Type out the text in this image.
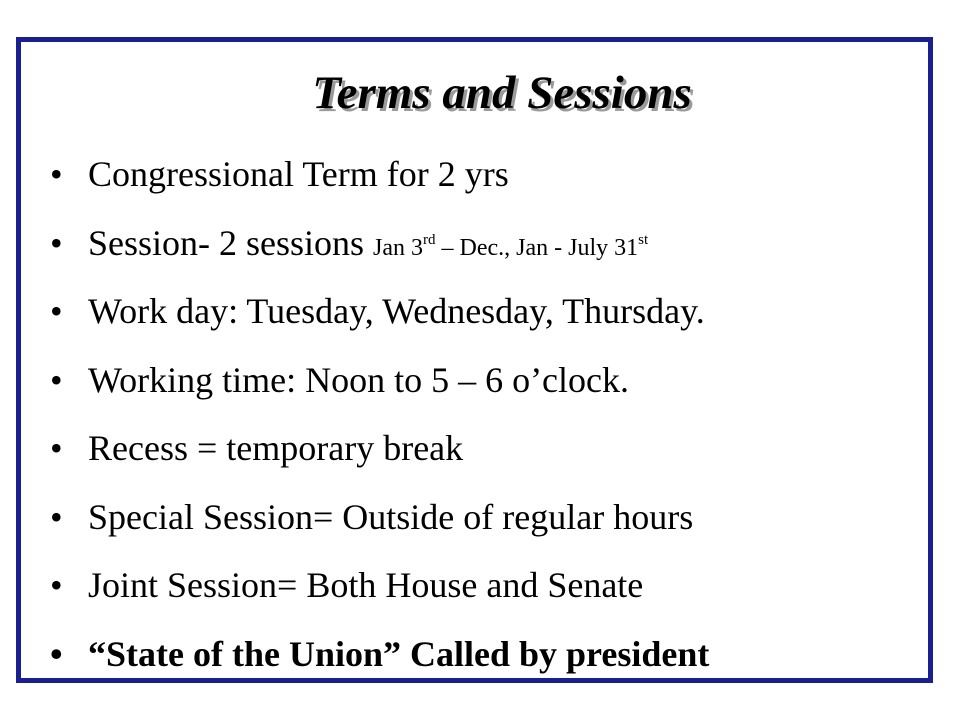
Terms and Sessions
• Congressional Term for 2 yrs
• Session- 2 sessions Jan 3rd – Dec., Jan - July 31st
• Work day: Tuesday, Wednesday, Thursday.
• Working time: Noon to 5 – 6 o’clock.
• Recess = temporary break
• Special Session= Outside of regular hours
• Joint Session= Both House and Senate
• “State of the Union” Called by president
